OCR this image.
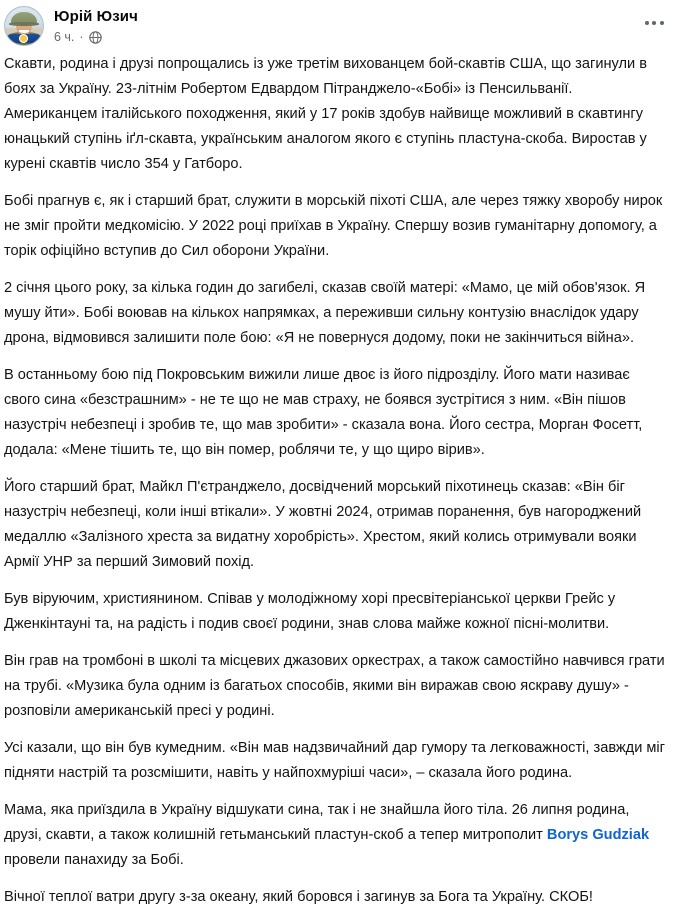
Юрій Юзич
6 ч. ·

Скавти, родина і друзі попрощались із уже третім вихованцем бой-скавтів США, що загинули в боях за Україну. 23-літнім Робертом Едвардом Пітранджело-«Бобі» із Пенсильванії. Американцем італійського походження, який у 17 років здобув найвище можливий в скавтингу юнацький ступінь іґл-скавта, українським аналогом якого є ступінь пластуна-скоба. Виростав у курені скавтів число 354 у Гатборо.

Бобі прагнув є, як і старший брат, служити в морській піхоті США, але через тяжку хворобу нирок не зміг пройти медкомісію. У 2022 році приїхав в Україну. Спершу возив гуманітарну допомогу, а торік офіційно вступив до Сил оборони України.

2 січня цього року, за кілька годин до загибелі, сказав своїй матері: «Мамо, це мій обов'язок. Я мушу йти». Бобі воював на кількох напрямках, а переживши сильну контузію внаслідок удару дрона, відмовився залишити поле бою: «Я не повернуся додому, поки не закінчиться війна».

В останньому бою під Покровським вижили лише двоє із його підрозділу. Його мати називає свого сина «безстрашним» - не те що не мав страху, не боявся зустрітися з ним. «Він пішов назустріч небезпеці і зробив те, що мав зробити» - сказала вона. Його сестра, Морган Фосетт, додала: «Мене тішить те, що він помер, роблячи те, у що щиро вірив».

Його старший брат, Майкл П'єтранджело, досвідчений морський піхотинець сказав: «Він біг назустріч небезпеці, коли інші втікали». У жовтні 2024, отримав поранення, був нагороджений медаллю «Залізного хреста за видатну хоробрість». Хрестом, який колись отримували вояки Армії УНР за перший Зимовий похід.

Був віруючим, християнином. Співав у молодіжному хорі пресвітеріанської церкви Грейс у Дженкінтауні та, на радість і подив своєї родини, знав слова майже кожної пісні-молитви.

Він грав на тромбоні в школі та місцевих джазових оркестрах, а також самостійно навчився грати на трубі. «Музика була одним із багатьох способів, якими він виражав свою яскраву душу» - розповіли американській пресі у родині.

Усі казали, що він був кумедним. «Він мав надзвичайний дар гумору та легковажності, завжди міг підняти настрій та розсмішити, навіть у найпохмуріші часи», – сказала його родина.

Мама, яка приїздила в Україну відшукати сина, так і не знайшла його тіла. 26 липня родина, друзі, скавти, а також колишній гетьманський пластун-скоб а тепер митрополит Borys Gudziak провели панахиду за Бобі.

Вічної теплої ватри другу з-за океану, який боровся і загинув за Бога та Україну. СКОБ!
